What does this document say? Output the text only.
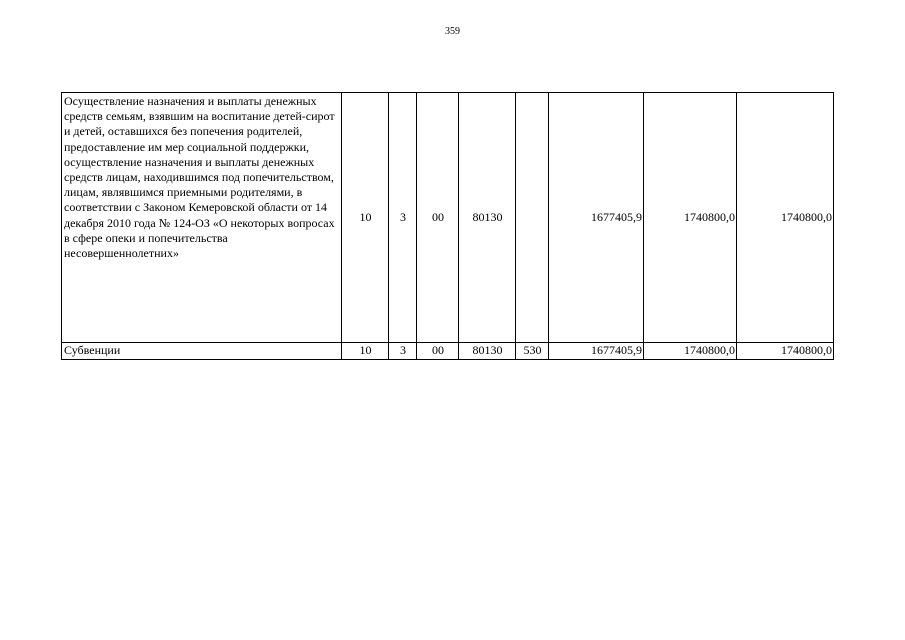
359
Осуществление назначения и выплаты денежных средств семьям, взявшим на воспитание детей-сирот и детей, оставшихся без попечения родителей, предоставление им мер социальной поддержки, осуществление назначения и выплаты денежных средств лицам, находившимся под попечительством, лицам, являвшимся приемными родителями, в соответствии с Законом Кемеровской области от 14 декабря 2010 года № 124-ОЗ «О некоторых вопросах в сфере опеки и попечительства несовершеннолетних»	10	3	00	80130		1677405,9	1740800,0	1740800,0
Субвенции	10	3	00	80130	530	1677405,9	1740800,0	1740800,0
